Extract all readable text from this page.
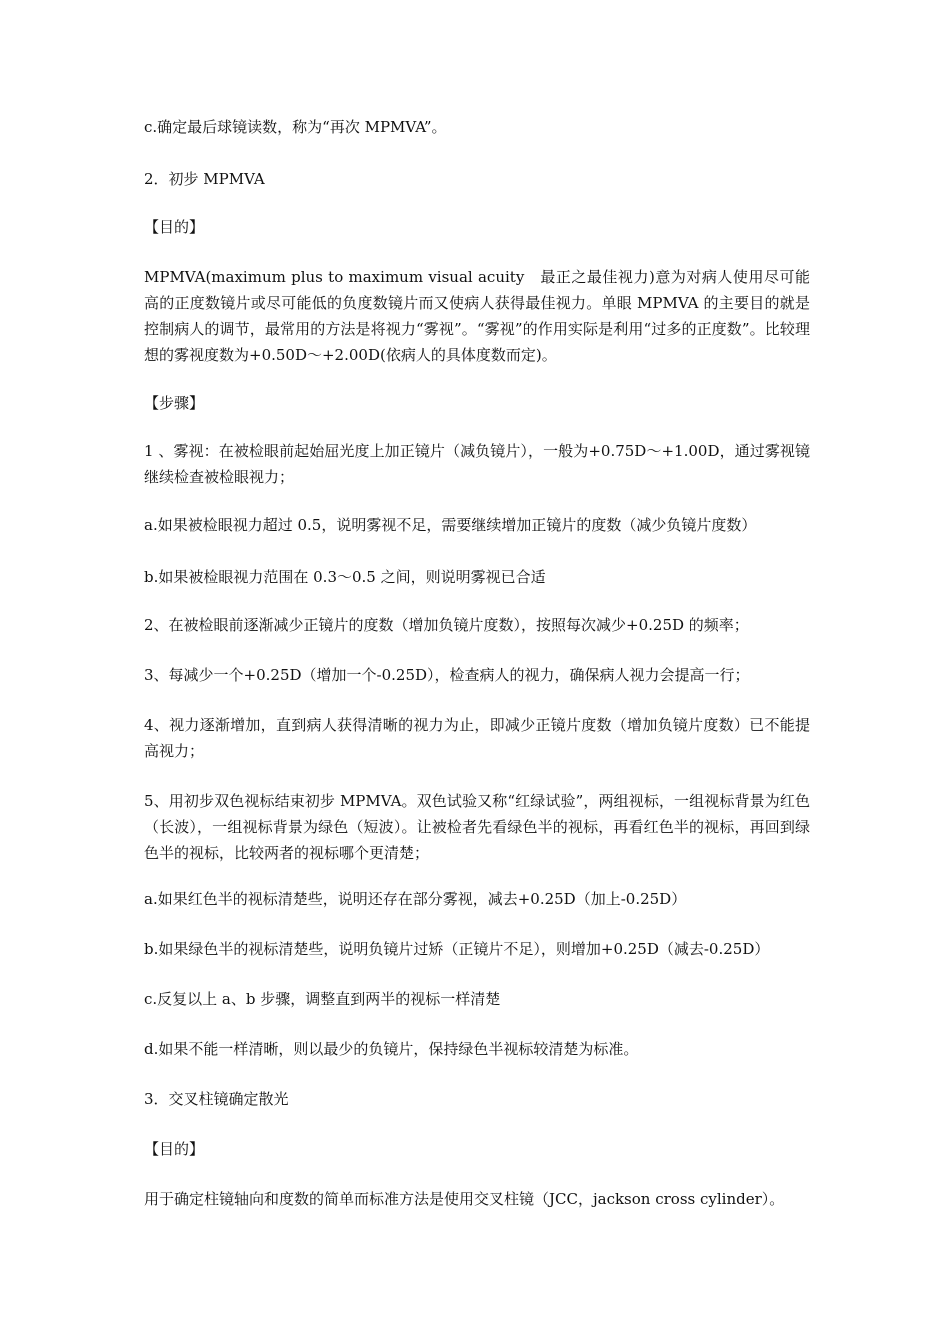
c.确定最后球镜读数，称为“再次 MPMVA”。

2．初步 MPMVA

【目的】

MPMVA(maximum plus to maximum visual acuity　最正之最佳视力)意为对病人使用尽可能高的正度数镜片或尽可能低的负度数镜片而又使病人获得最佳视力。单眼 MPMVA 的主要目的就是控制病人的调节，最常用的方法是将视力“雾视”。“雾视”的作用实际是利用“过多的正度数”。比较理想的雾视度数为+0.50D～+2.00D(依病人的具体度数而定)。

【步骤】

1 、雾视：在被检眼前起始屈光度上加正镜片（减负镜片），一般为+0.75D～+1.00D，通过雾视镜继续检查被检眼视力；

a.如果被检眼视力超过 0.5，说明雾视不足，需要继续增加正镜片的度数（减少负镜片度数）

b.如果被检眼视力范围在 0.3～0.5 之间，则说明雾视已合适

2、在被检眼前逐渐减少正镜片的度数（增加负镜片度数），按照每次减少+0.25D 的频率；

3、每减少一个+0.25D（增加一个-0.25D），检查病人的视力，确保病人视力会提高一行；

4、视力逐渐增加，直到病人获得清晰的视力为止，即减少正镜片度数（增加负镜片度数）已不能提高视力；

5、用初步双色视标结束初步 MPMVA。双色试验又称“红绿试验”，两组视标，一组视标背景为红色（长波），一组视标背景为绿色（短波）。让被检者先看绿色半的视标，再看红色半的视标，再回到绿色半的视标，比较两者的视标哪个更清楚；

a.如果红色半的视标清楚些，说明还存在部分雾视，减去+0.25D（加上-0.25D）

b.如果绿色半的视标清楚些，说明负镜片过矫（正镜片不足），则增加+0.25D（减去-0.25D）

c.反复以上 a、b 步骤，调整直到两半的视标一样清楚

d.如果不能一样清晰，则以最少的负镜片，保持绿色半视标较清楚为标准。

3．交叉柱镜确定散光

【目的】

用于确定柱镜轴向和度数的简单而标准方法是使用交叉柱镜（JCC，jackson cross cylinder）。
